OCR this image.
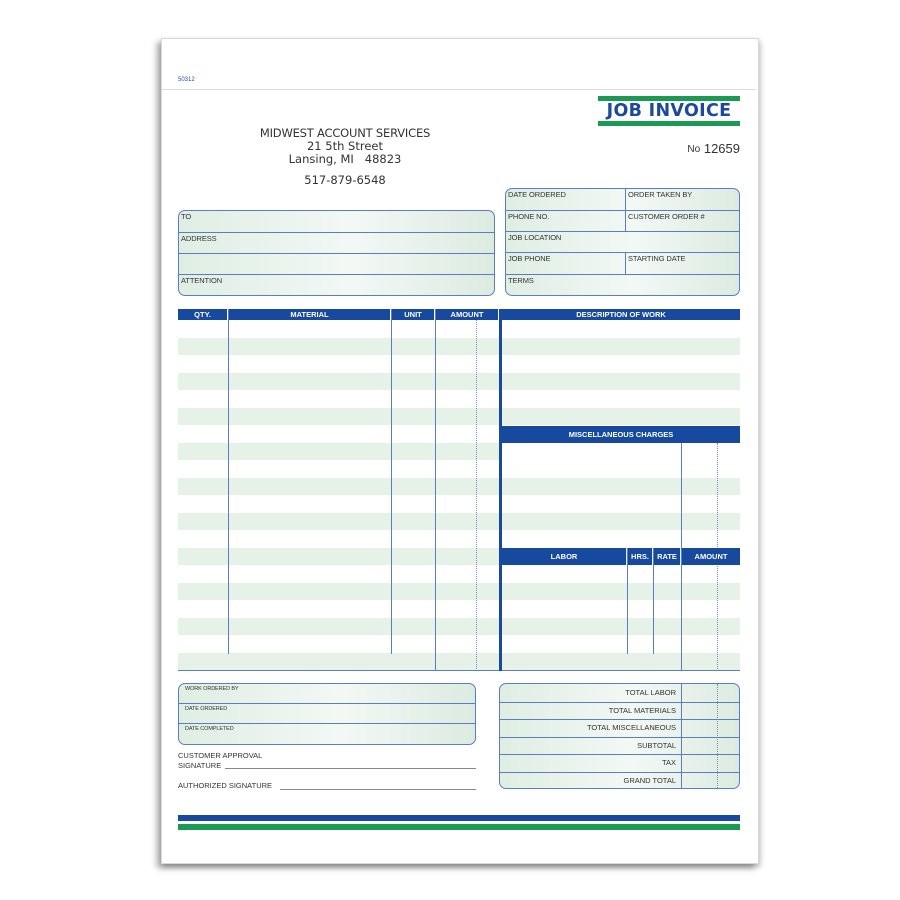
50312
MIDWEST ACCOUNT SERVICES
21 5th Street
Lansing, MI   48823
517-879-6548
JOB INVOICE
No 12659
TO
ADDRESS
ATTENTION
DATE ORDERED	ORDER TAKEN BY
PHONE NO.	CUSTOMER ORDER #
JOB LOCATION
JOB PHONE	STARTING DATE
TERMS
QTY.	MATERIAL	UNIT	AMOUNT	DESCRIPTION OF WORK
MISCELLANEOUS CHARGES
LABOR	HRS.	RATE	AMOUNT
WORK ORDERED BY
DATE ORDERED
DATE COMPLETED
CUSTOMER APPROVAL
SIGNATURE
AUTHORIZED SIGNATURE
TOTAL LABOR
TOTAL MATERIALS
TOTAL MISCELLANEOUS
SUBTOTAL
TAX
GRAND TOTAL
